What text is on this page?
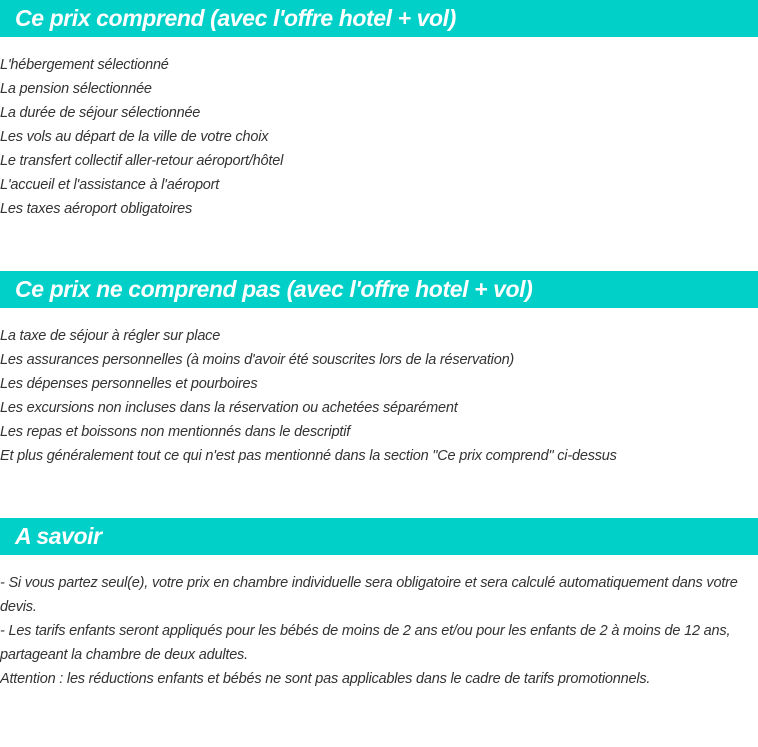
Ce prix comprend (avec l'offre hotel + vol)
L'hébergement sélectionné
La pension sélectionnée
La durée de séjour sélectionnée
Les vols au départ de la ville de votre choix
Le transfert collectif aller-retour aéroport/hôtel
L'accueil et l'assistance à l'aéroport
Les taxes aéroport obligatoires
Ce prix ne comprend pas (avec l'offre hotel + vol)
La taxe de séjour à régler sur place
Les assurances personnelles (à moins d'avoir été souscrites lors de la réservation)
Les dépenses personnelles et pourboires
Les excursions non incluses dans la réservation ou achetées séparément
Les repas et boissons non mentionnés dans le descriptif
Et plus généralement tout ce qui n'est pas mentionné dans la section "Ce prix comprend" ci-dessus
A savoir

- Si vous partez seul(e), votre prix en chambre individuelle sera obligatoire et sera calculé automatiquement dans votre devis.

- Les tarifs enfants seront appliqués pour les bébés de moins de 2 ans et/ou pour les enfants de 2 à moins de 12 ans, partageant la chambre de deux adultes.

Attention : les réductions enfants et bébés ne sont pas applicables dans le cadre de tarifs promotionnels.
